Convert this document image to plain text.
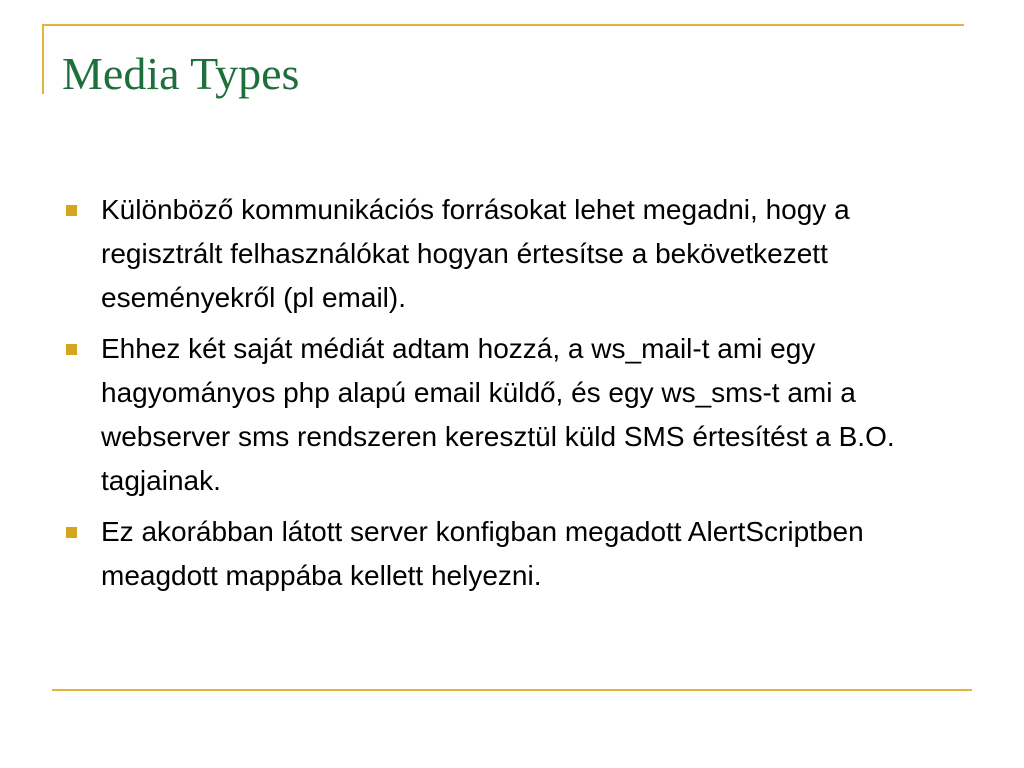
Media Types
Különböző kommunikációs forrásokat lehet megadni, hogy a regisztrált felhasználókat hogyan értesítse a bekövetkezett eseményekről (pl email).
Ehhez két saját médiát adtam hozzá, a ws_mail-t ami egy hagyományos php alapú email küldő, és egy ws_sms-t ami a webserver sms rendszeren keresztül küld SMS értesítést a B.O. tagjainak.
Ez akorábban látott server konfigban megadott AlertScriptben meagdott mappába kellett helyezni.
